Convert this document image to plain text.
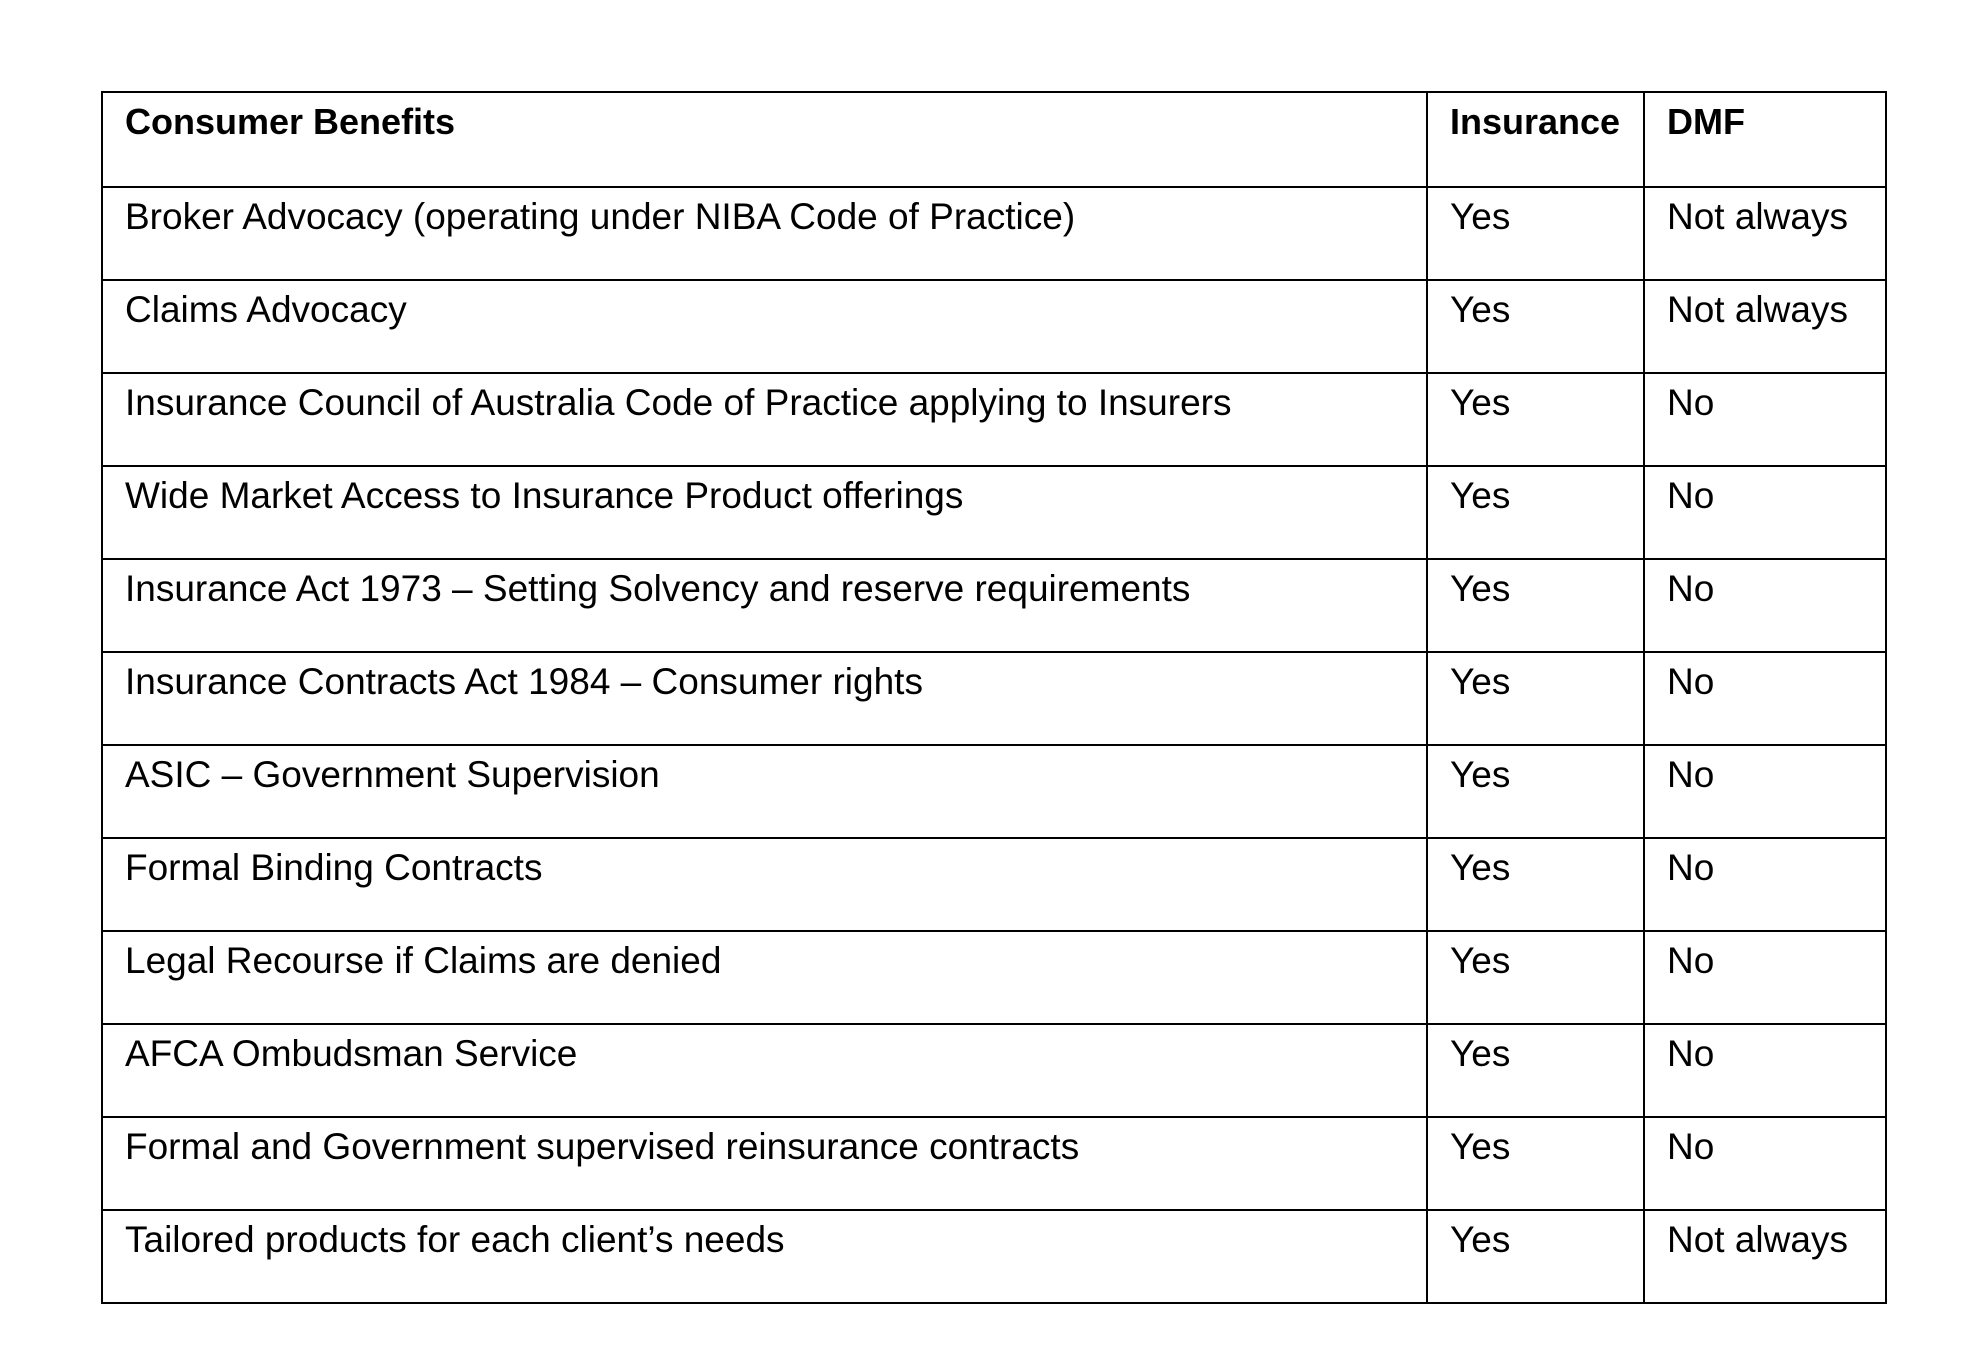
Consumer Benefits	Insurance	DMF
Broker Advocacy (operating under NIBA Code of Practice)	Yes	Not always
Claims Advocacy	Yes	Not always
Insurance Council of Australia Code of Practice applying to Insurers	Yes	No
Wide Market Access to Insurance Product offerings	Yes	No
Insurance Act 1973 – Setting Solvency and reserve requirements	Yes	No
Insurance Contracts Act 1984 – Consumer rights	Yes	No
ASIC – Government Supervision	Yes	No
Formal Binding Contracts	Yes	No
Legal Recourse if Claims are denied	Yes	No
AFCA Ombudsman Service	Yes	No
Formal and Government supervised reinsurance contracts	Yes	No
Tailored products for each client’s needs	Yes	Not always
